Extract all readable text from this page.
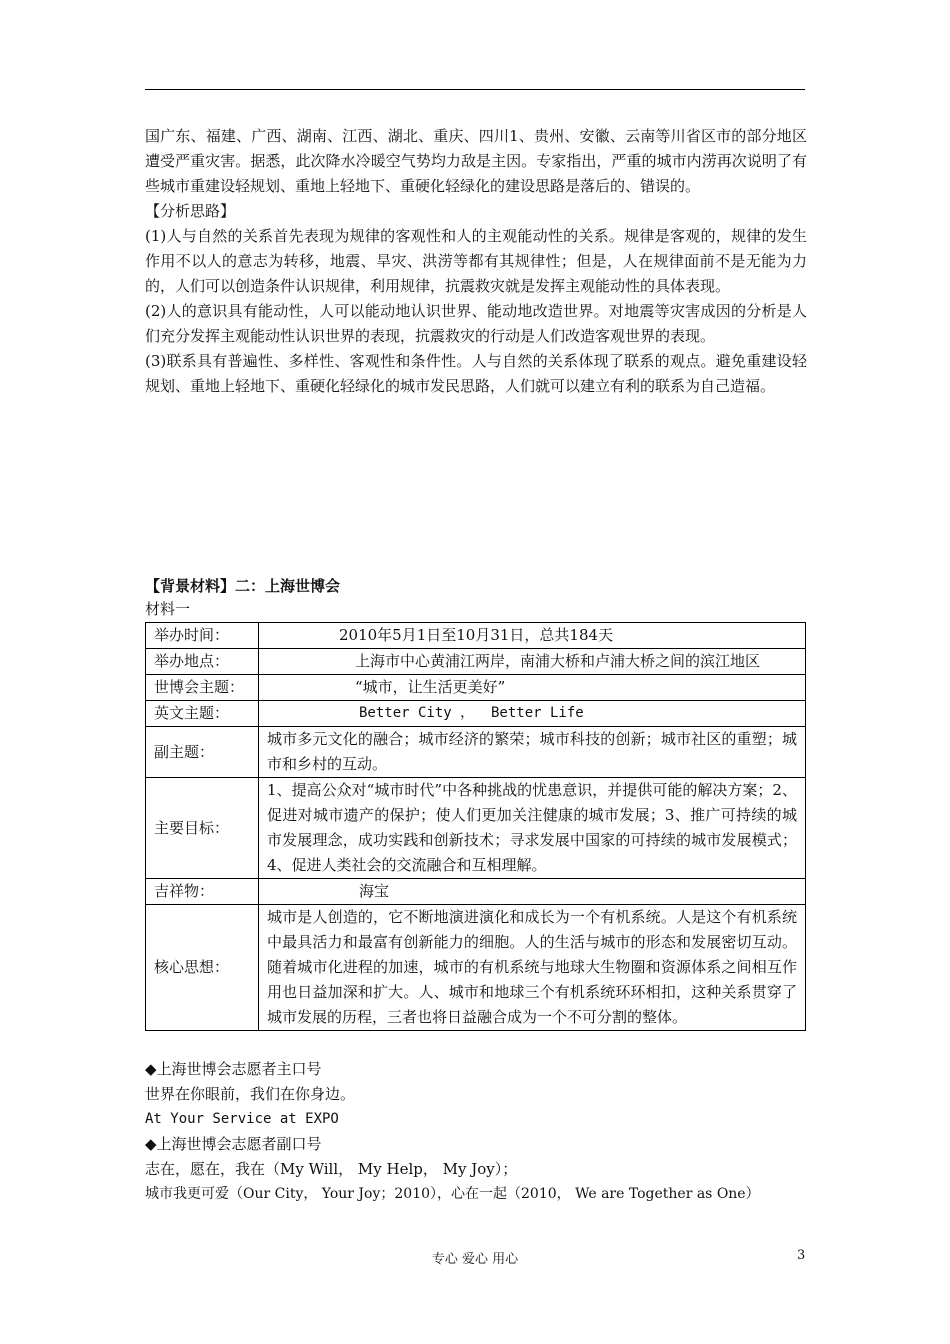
国广东、福建、广西、湖南、江西、湖北、重庆、四川1、贵州、安徽、云南等川省区市的部分地区遭受严重灾害。据悉，此次降水冷暖空气势均力敌是主因。专家指出，严重的城市内涝再次说明了有些城市重建设轻规划、重地上轻地下、重硬化轻绿化的建设思路是落后的、错误的。

【分析思路】

(1)人与自然的关系首先表现为规律的客观性和人的主观能动性的关系。规律是客观的，规律的发生作用不以人的意志为转移，地震、旱灾、洪涝等都有其规律性；但是，人在规律面前不是无能为力的，人们可以创造条件认识规律，利用规律，抗震救灾就是发挥主观能动性的具体表现。

(2)人的意识具有能动性，人可以能动地认识世界、能动地改造世界。对地震等灾害成因的分析是人们充分发挥主观能动性认识世界的表现，抗震救灾的行动是人们改造客观世界的表现。

(3)联系具有普遍性、多样性、客观性和条件性。人与自然的关系体现了联系的观点。避免重建设轻规划、重地上轻地下、重硬化轻绿化的城市发民思路，人们就可以建立有利的联系为自己造福。

【背景材料】二：上海世博会
材料一
举办时间：	2010年5月1日至10月31日，总共184天
举办地点：	上海市中心黄浦江两岸，南浦大桥和卢浦大桥之间的滨江地区
世博会主题：	“城市，让生活更美好”
英文主题：	Better City ，  Better Life
副主题：	城市多元文化的融合；城市经济的繁荣；城市科技的创新；城市社区的重塑；城市和乡村的互动。
主要目标：	1、提高公众对“城市时代”中各种挑战的忧患意识，并提供可能的解决方案；2、促进对城市遗产的保护；使人们更加关注健康的城市发展；3、推广可持续的城市发展理念，成功实践和创新技术；寻求发展中国家的可持续的城市发展模式； 4、促进人类社会的交流融合和互相理解。
吉祥物：	海宝
核心思想：	城市是人创造的，它不断地演进演化和成长为一个有机系统。人是这个有机系统中最具活力和最富有创新能力的细胞。人的生活与城市的形态和发展密切互动。随着城市化进程的加速，城市的有机系统与地球大生物圈和资源体系之间相互作用也日益加深和扩大。人、城市和地球三个有机系统环环相扣，这种关系贯穿了城市发展的历程，三者也将日益融合成为一个不可分割的整体。

◆上海世博会志愿者主口号

世界在你眼前，我们在你身边。

At Your Service at EXPO

◆上海世博会志愿者副口号

志在，愿在，我在（My Will， My Help， My Joy）；

城市我更可爱（Our City， Your Joy；2010），心在一起（2010， We are Together as One）

专心 爱心 用心	3
